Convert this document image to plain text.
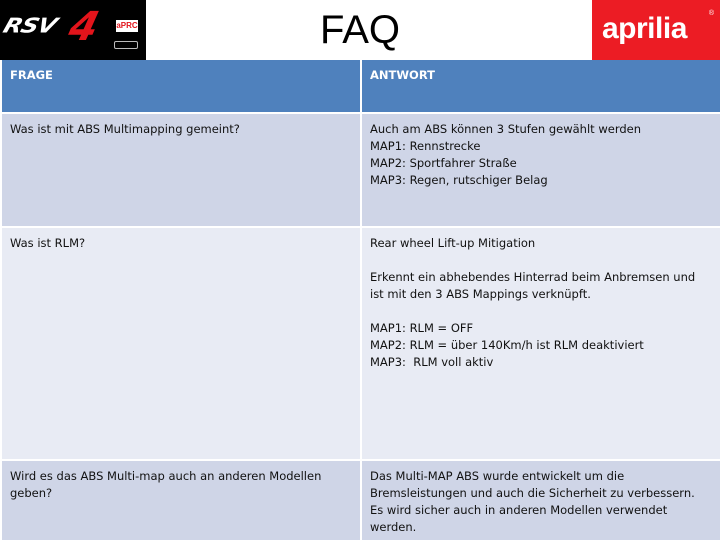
RSV 4 aPRC	FAQ	aprilia	®
FRAGE	ANTWORT

Was ist mit ABS Multimapping gemeint?	Auch am ABS können 3 Stufen gewählt werden
MAP1: Rennstrecke
MAP2: Sportfahrer Straße
MAP3: Regen, rutschiger Belag

Was ist RLM?	Rear wheel Lift-up Mitigation
Erkennt ein abhebendes Hinterrad beim Anbremsen und ist mit den 3 ABS Mappings verknüpft.
MAP1: RLM = OFF
MAP2: RLM = über 140Km/h ist RLM deaktiviert
MAP3:  RLM voll aktiv

Wird es das ABS Multi-map auch an anderen Modellen geben?	Das Multi-MAP ABS wurde entwickelt um die Bremsleistungen und auch die Sicherheit zu verbessern.
Es wird sicher auch in anderen Modellen verwendet werden.
